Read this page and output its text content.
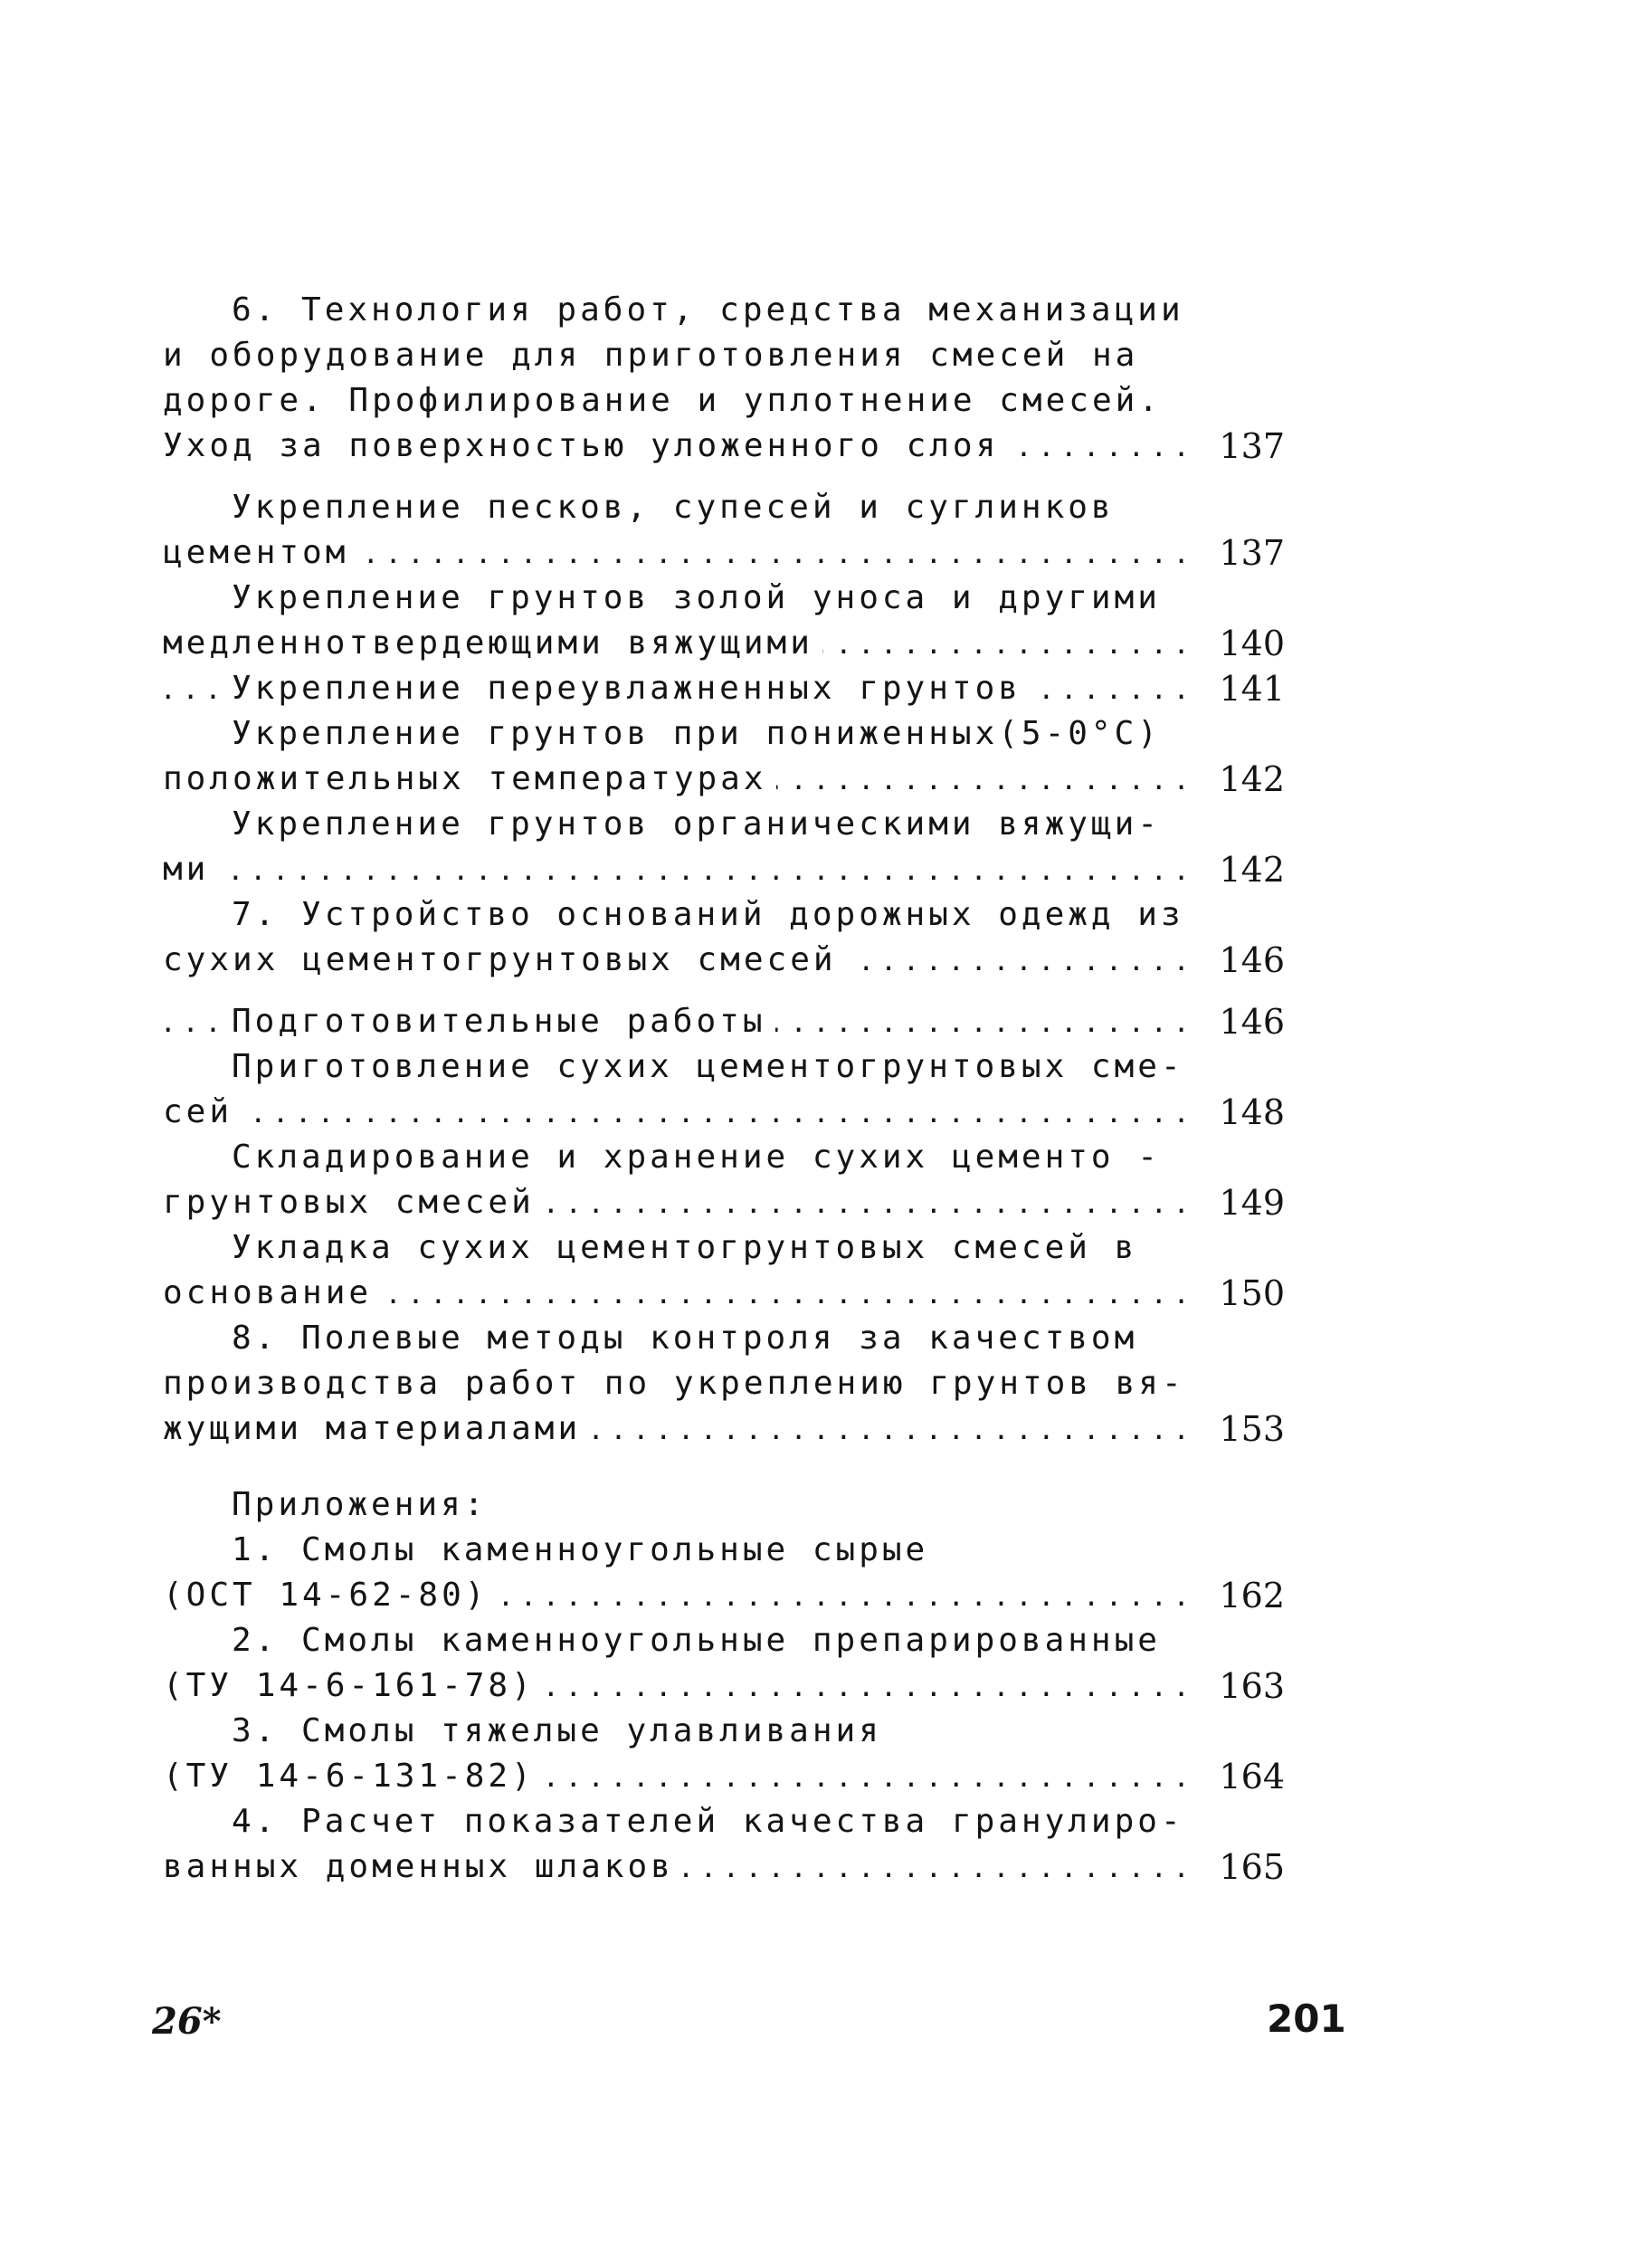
6. Технология работ, средства механизации
и оборудование для приготовления смесей на
дороге. Профилирование и уплотнение смесей.
Уход за поверхностью уложенного слоя	137
. . .
Укрепление песков, супесей и суглинков
цементом	137
. . .
Укрепление грунтов золой уноса и другими
медленнотвердеющими вяжущими	140
. . .
Укрепление переувлажненных грунтов	141
. . .
Укрепление грунтов при пониженных(5-0°С)
положительных температурах	142
. . .
Укрепление грунтов органическими вяжущи-
ми	142
. . .
7. Устройство оснований дорожных одежд из
сухих цементогрунтовых смесей	146
. . .
Подготовительные работы	146
. . .
Приготовление сухих цементогрунтовых сме-
сей	148
. . .
Складирование и хранение сухих цементо -
грунтовых смесей	149
. . .
Укладка сухих цементогрунтовых смесей в
основание	150
. . .
8. Полевые методы контроля за качеством
производства работ по укреплению грунтов вя-
жущими материалами	153
. . .
Приложения:
1. Смолы каменноугольные сырые
(ОСТ 14-62-80)	162
. . .
2. Смолы каменноугольные препарированные
(ТУ 14-6-161-78)	163
. . .
3. Смолы тяжелые улавливания
(ТУ 14-6-131-82)	164
. . .
4. Расчет показателей качества гранулиро-
ванных доменных шлаков	165
. . .
26*	201
